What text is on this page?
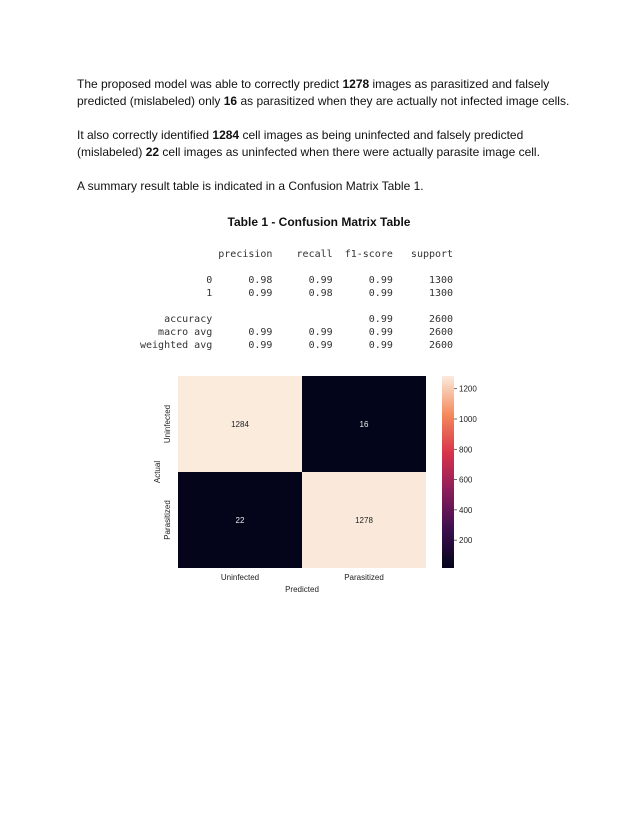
The proposed model was able to correctly predict 1278 images as parasitized and falsely predicted (mislabeled) only 16 as parasitized when they are actually not infected image cells.

It also correctly identified 1284 cell images as being uninfected and falsely predicted (mislabeled) 22 cell images as uninfected when there were actually parasite image cell.

A summary result table is indicated in a Confusion Matrix Table 1.

Table 1 - Confusion Matrix Table
precision    recall  f1-score   support

0      0.98      0.99      0.99      1300
1      0.99      0.98      0.99      1300

accuracy                          0.99      2600
macro avg      0.99      0.99      0.99      2600
weighted avg      0.99      0.99      0.99      2600

1284	16
22	1278
Uninfected	Parasitized
Uninfected
Parasitized
Predicted
Actual
200
400
600
800
1000
1200
